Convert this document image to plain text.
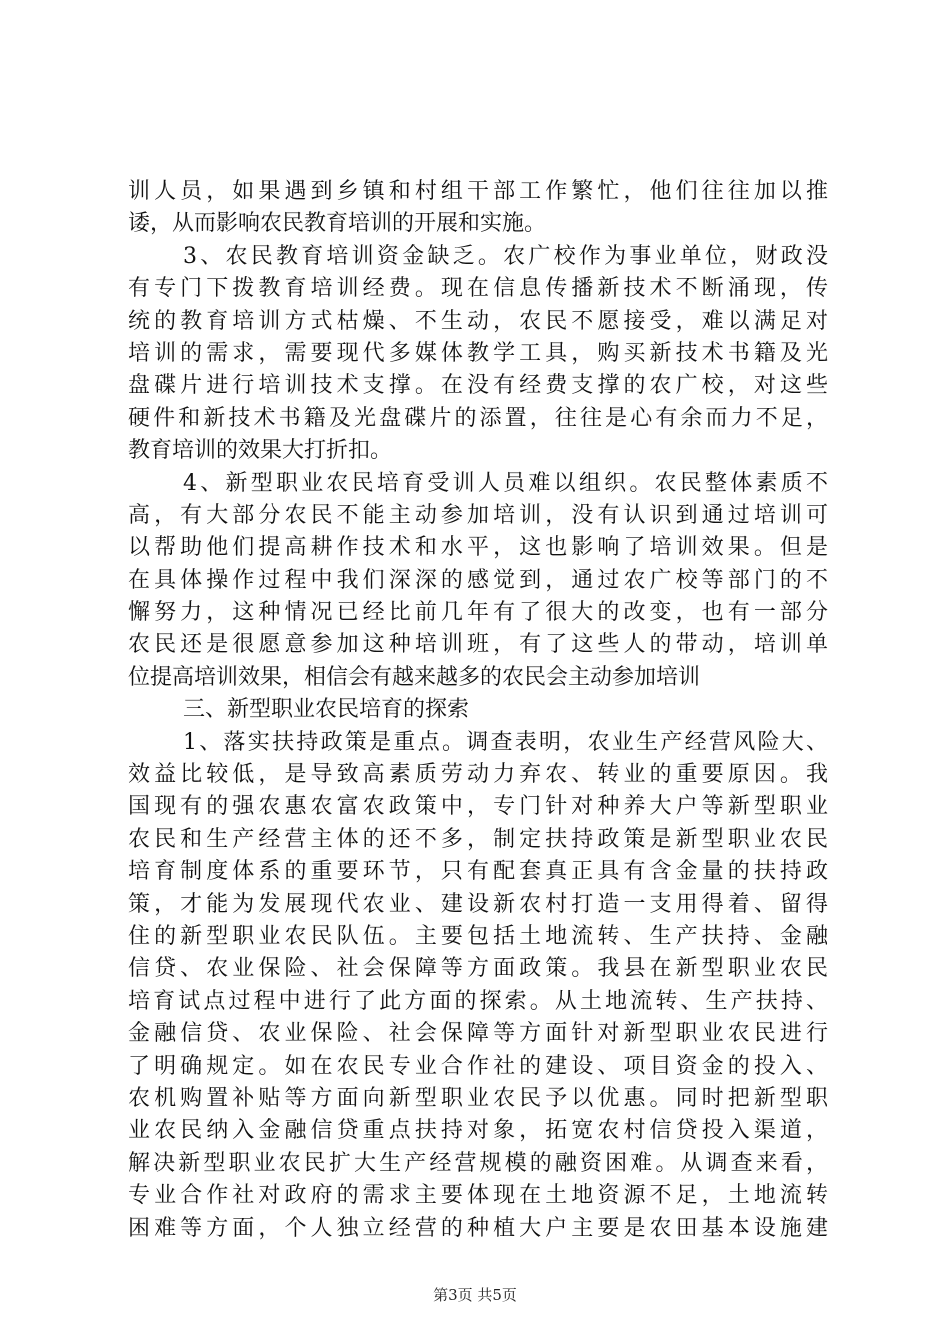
训人员，如果遇到乡镇和村组干部工作繁忙，他们往往加以推
诿，从而影响农民教育培训的开展和实施。
3、农民教育培训资金缺乏。农广校作为事业单位，财政没
有专门下拨教育培训经费。现在信息传播新技术不断涌现，传
统的教育培训方式枯燥、不生动，农民不愿接受，难以满足对
培训的需求，需要现代多媒体教学工具，购买新技术书籍及光
盘碟片进行培训技术支撑。在没有经费支撑的农广校，对这些
硬件和新技术书籍及光盘碟片的添置，往往是心有余而力不足，
教育培训的效果大打折扣。
4、新型职业农民培育受训人员难以组织。农民整体素质不
高，有大部分农民不能主动参加培训，没有认识到通过培训可
以帮助他们提高耕作技术和水平，这也影响了培训效果。但是
在具体操作过程中我们深深的感觉到，通过农广校等部门的不
懈努力，这种情况已经比前几年有了很大的改变，也有一部分
农民还是很愿意参加这种培训班，有了这些人的带动，培训单
位提高培训效果，相信会有越来越多的农民会主动参加培训
三、新型职业农民培育的探索
1、落实扶持政策是重点。调查表明，农业生产经营风险大、
效益比较低，是导致高素质劳动力弃农、转业的重要原因。我
国现有的强农惠农富农政策中，专门针对种养大户等新型职业
农民和生产经营主体的还不多，制定扶持政策是新型职业农民
培育制度体系的重要环节，只有配套真正具有含金量的扶持政
策，才能为发展现代农业、建设新农村打造一支用得着、留得
住的新型职业农民队伍。主要包括土地流转、生产扶持、金融
信贷、农业保险、社会保障等方面政策。我县在新型职业农民
培育试点过程中进行了此方面的探索。从土地流转、生产扶持、
金融信贷、农业保险、社会保障等方面针对新型职业农民进行
了明确规定。如在农民专业合作社的建设、项目资金的投入、
农机购置补贴等方面向新型职业农民予以优惠。同时把新型职
业农民纳入金融信贷重点扶持对象，拓宽农村信贷投入渠道，
解决新型职业农民扩大生产经营规模的融资困难。从调查来看，
专业合作社对政府的需求主要体现在土地资源不足，土地流转
困难等方面，个人独立经营的种植大户主要是农田基本设施建
第3页 共5页
